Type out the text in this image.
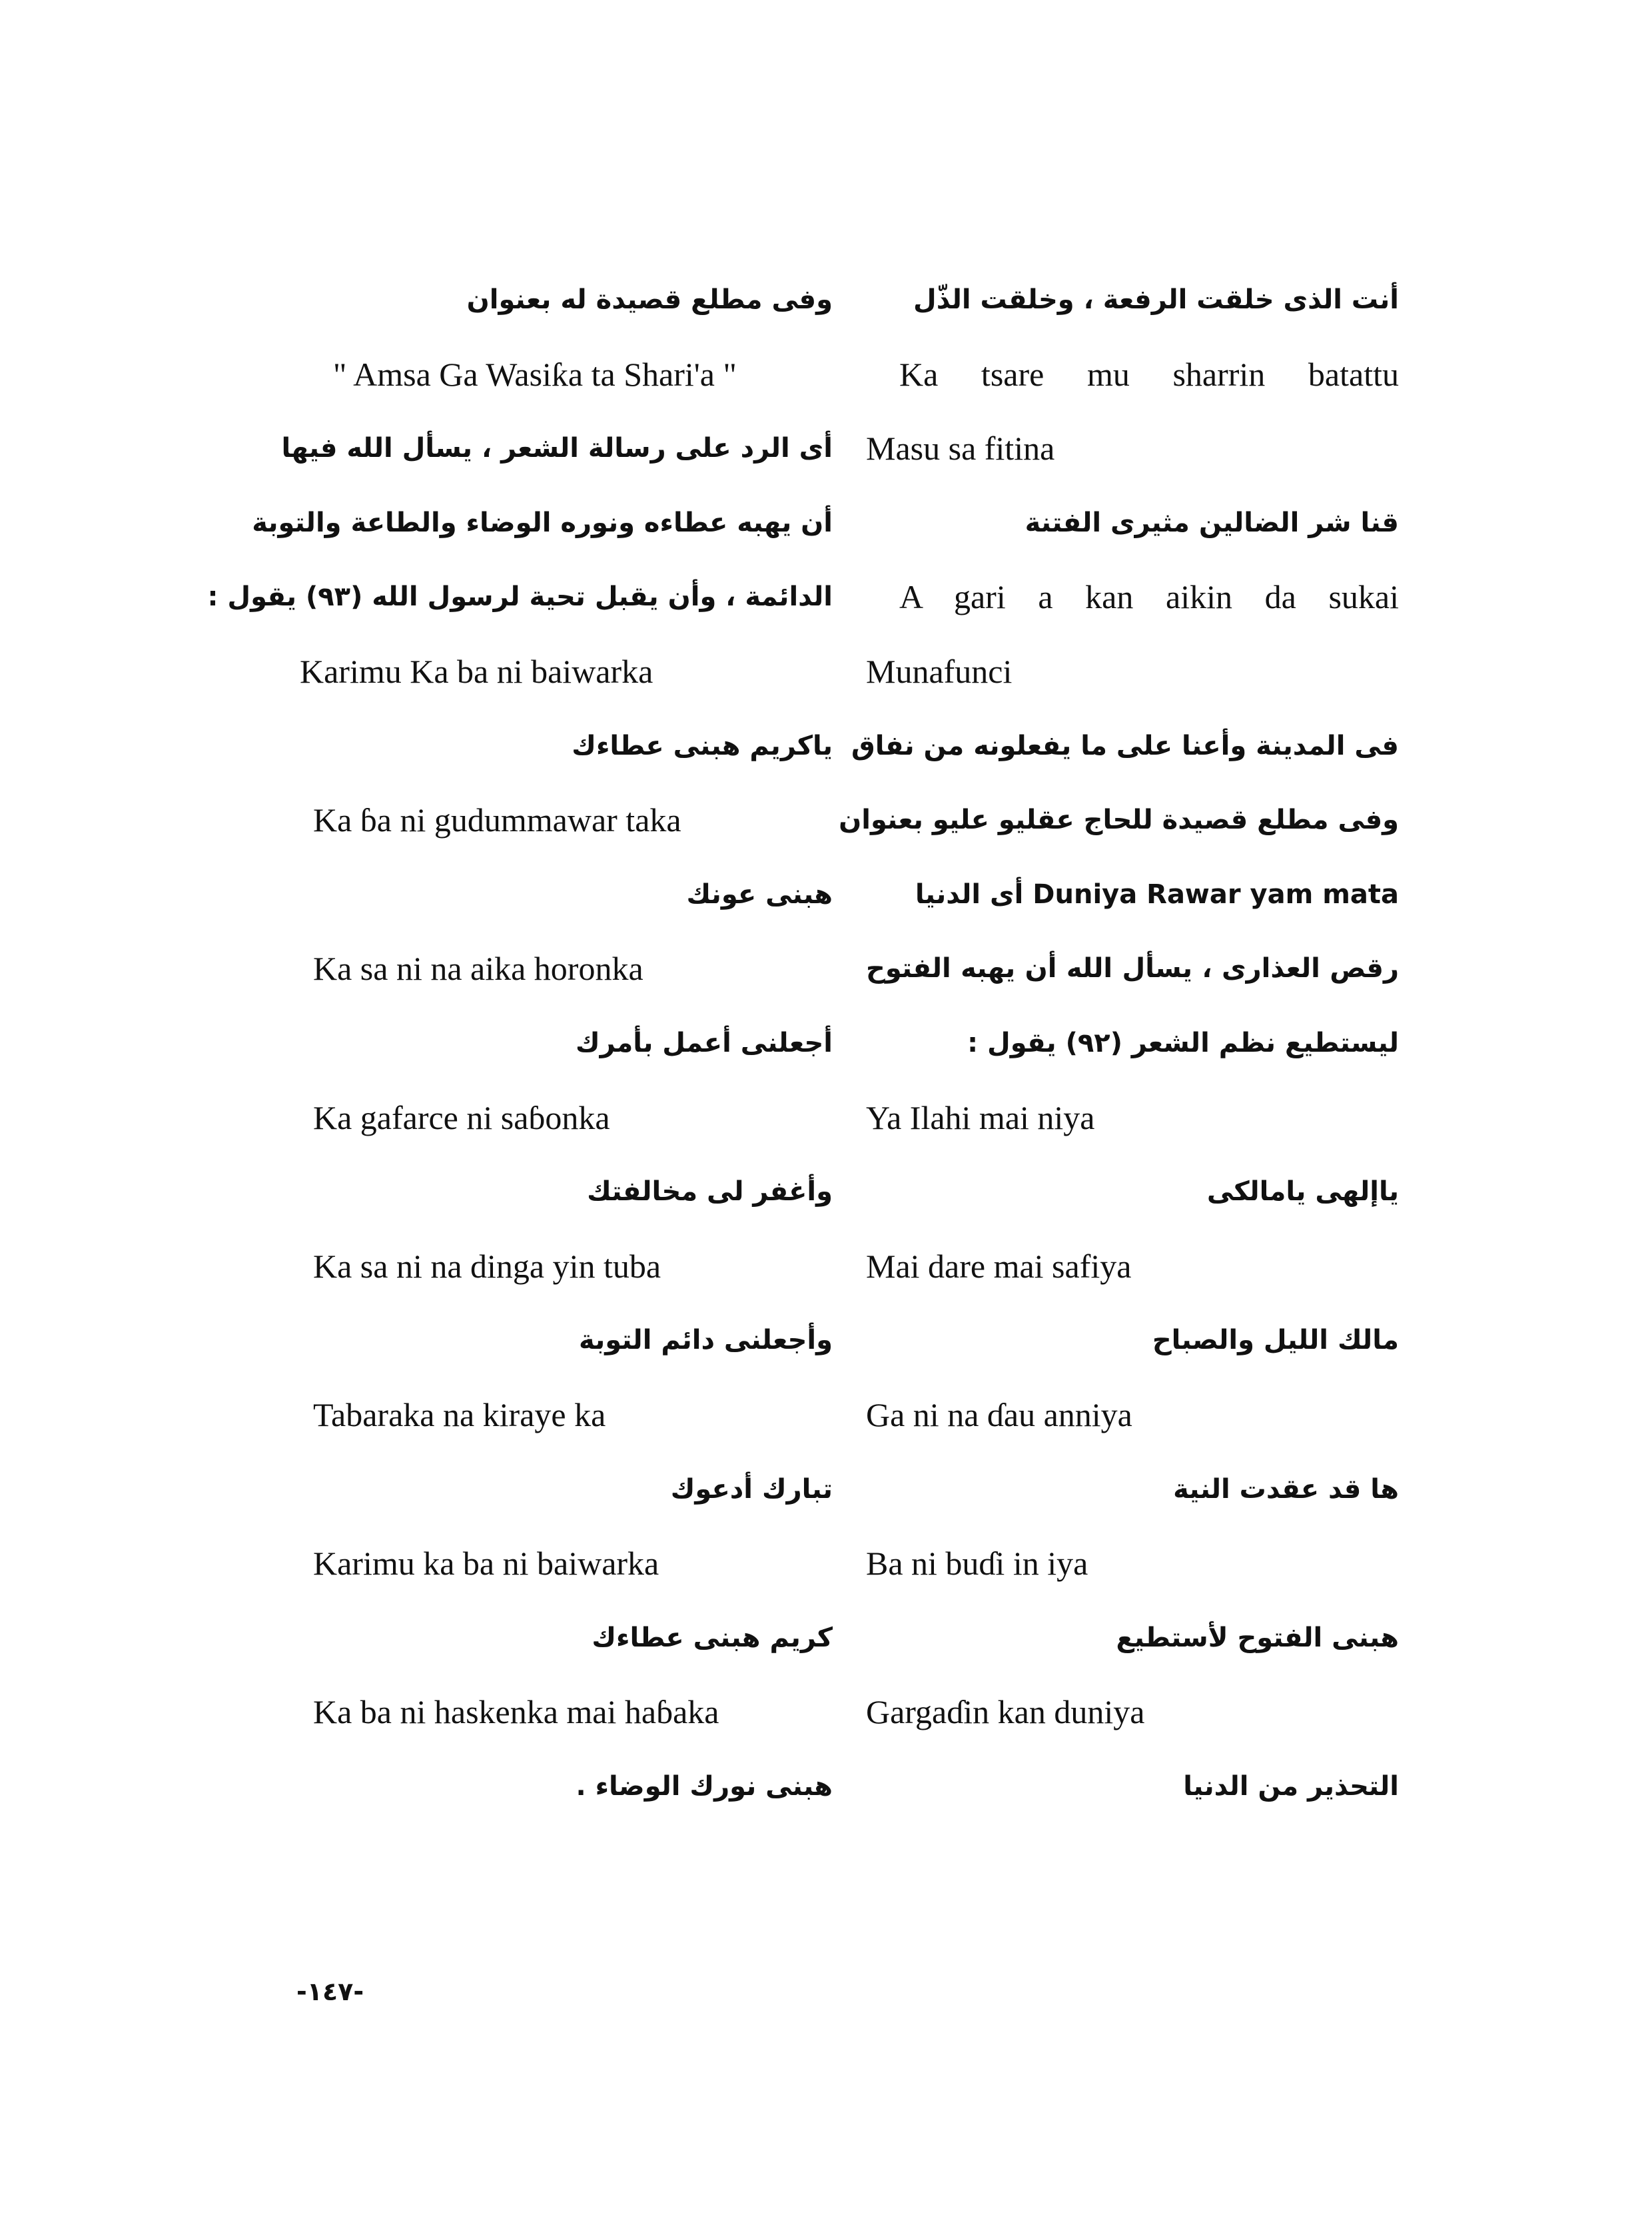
أنت الذى خلقت الرفعة ، وخلقت الذّل
Ka tsare mu sharrin batattu
Masu sa fitina
قنا شر الضالين مثيرى الفتنة
A gari a kan aikin da sukai
Munafunci
فى المدينة وأعنا على ما يفعلونه من نفاق
وفى مطلع قصيدة للحاج عقليو عليو بعنوان
Duniya Rawar yam mata أى الدنيا
رقص العذارى ، يسأل الله أن يهبه الفتوح
ليستطيع نظم الشعر (٩٢) يقول :
Ya Ilahi mai niya
ياإلهى يامالكى
Mai dare mai safiya
مالك الليل والصباح
Ga ni na ɗau anniya
ها قد عقدت النية
Ba ni buɗi in iya
هبنى الفتوح لأستطيع
Gargaɗin kan duniya
التحذير من الدنيا
وفى مطلع قصيدة له بعنوان
" Amsa Ga Wasiƙa ta Shari'a "
أى الرد على رسالة الشعر ، يسأل الله فيها
أن يهبه عطاءه ونوره الوضاء والطاعة والتوبة
الدائمة ، وأن يقبل تحية لرسول الله (٩٣) يقول :
Karimu Ka ba ni baiwarka
ياكريم هبنى عطاءك
Ka ɓa ni gudummawar taka
هبنى عونك
Ka sa ni na aika horonka
أجعلنى أعمل بأمرك
Ka gafarce ni saɓonka
وأغفر لى مخالفتك
Ka sa ni na dinga yin tuba
وأجعلنى دائم التوبة
Tabaraka na kiraye ka
تبارك أدعوك
Karimu ka ba ni baiwarka
كريم هبنى عطاءك
Ka ba ni haskenka mai haɓaka
هبنى نورك الوضاء .
-١٤٧-
